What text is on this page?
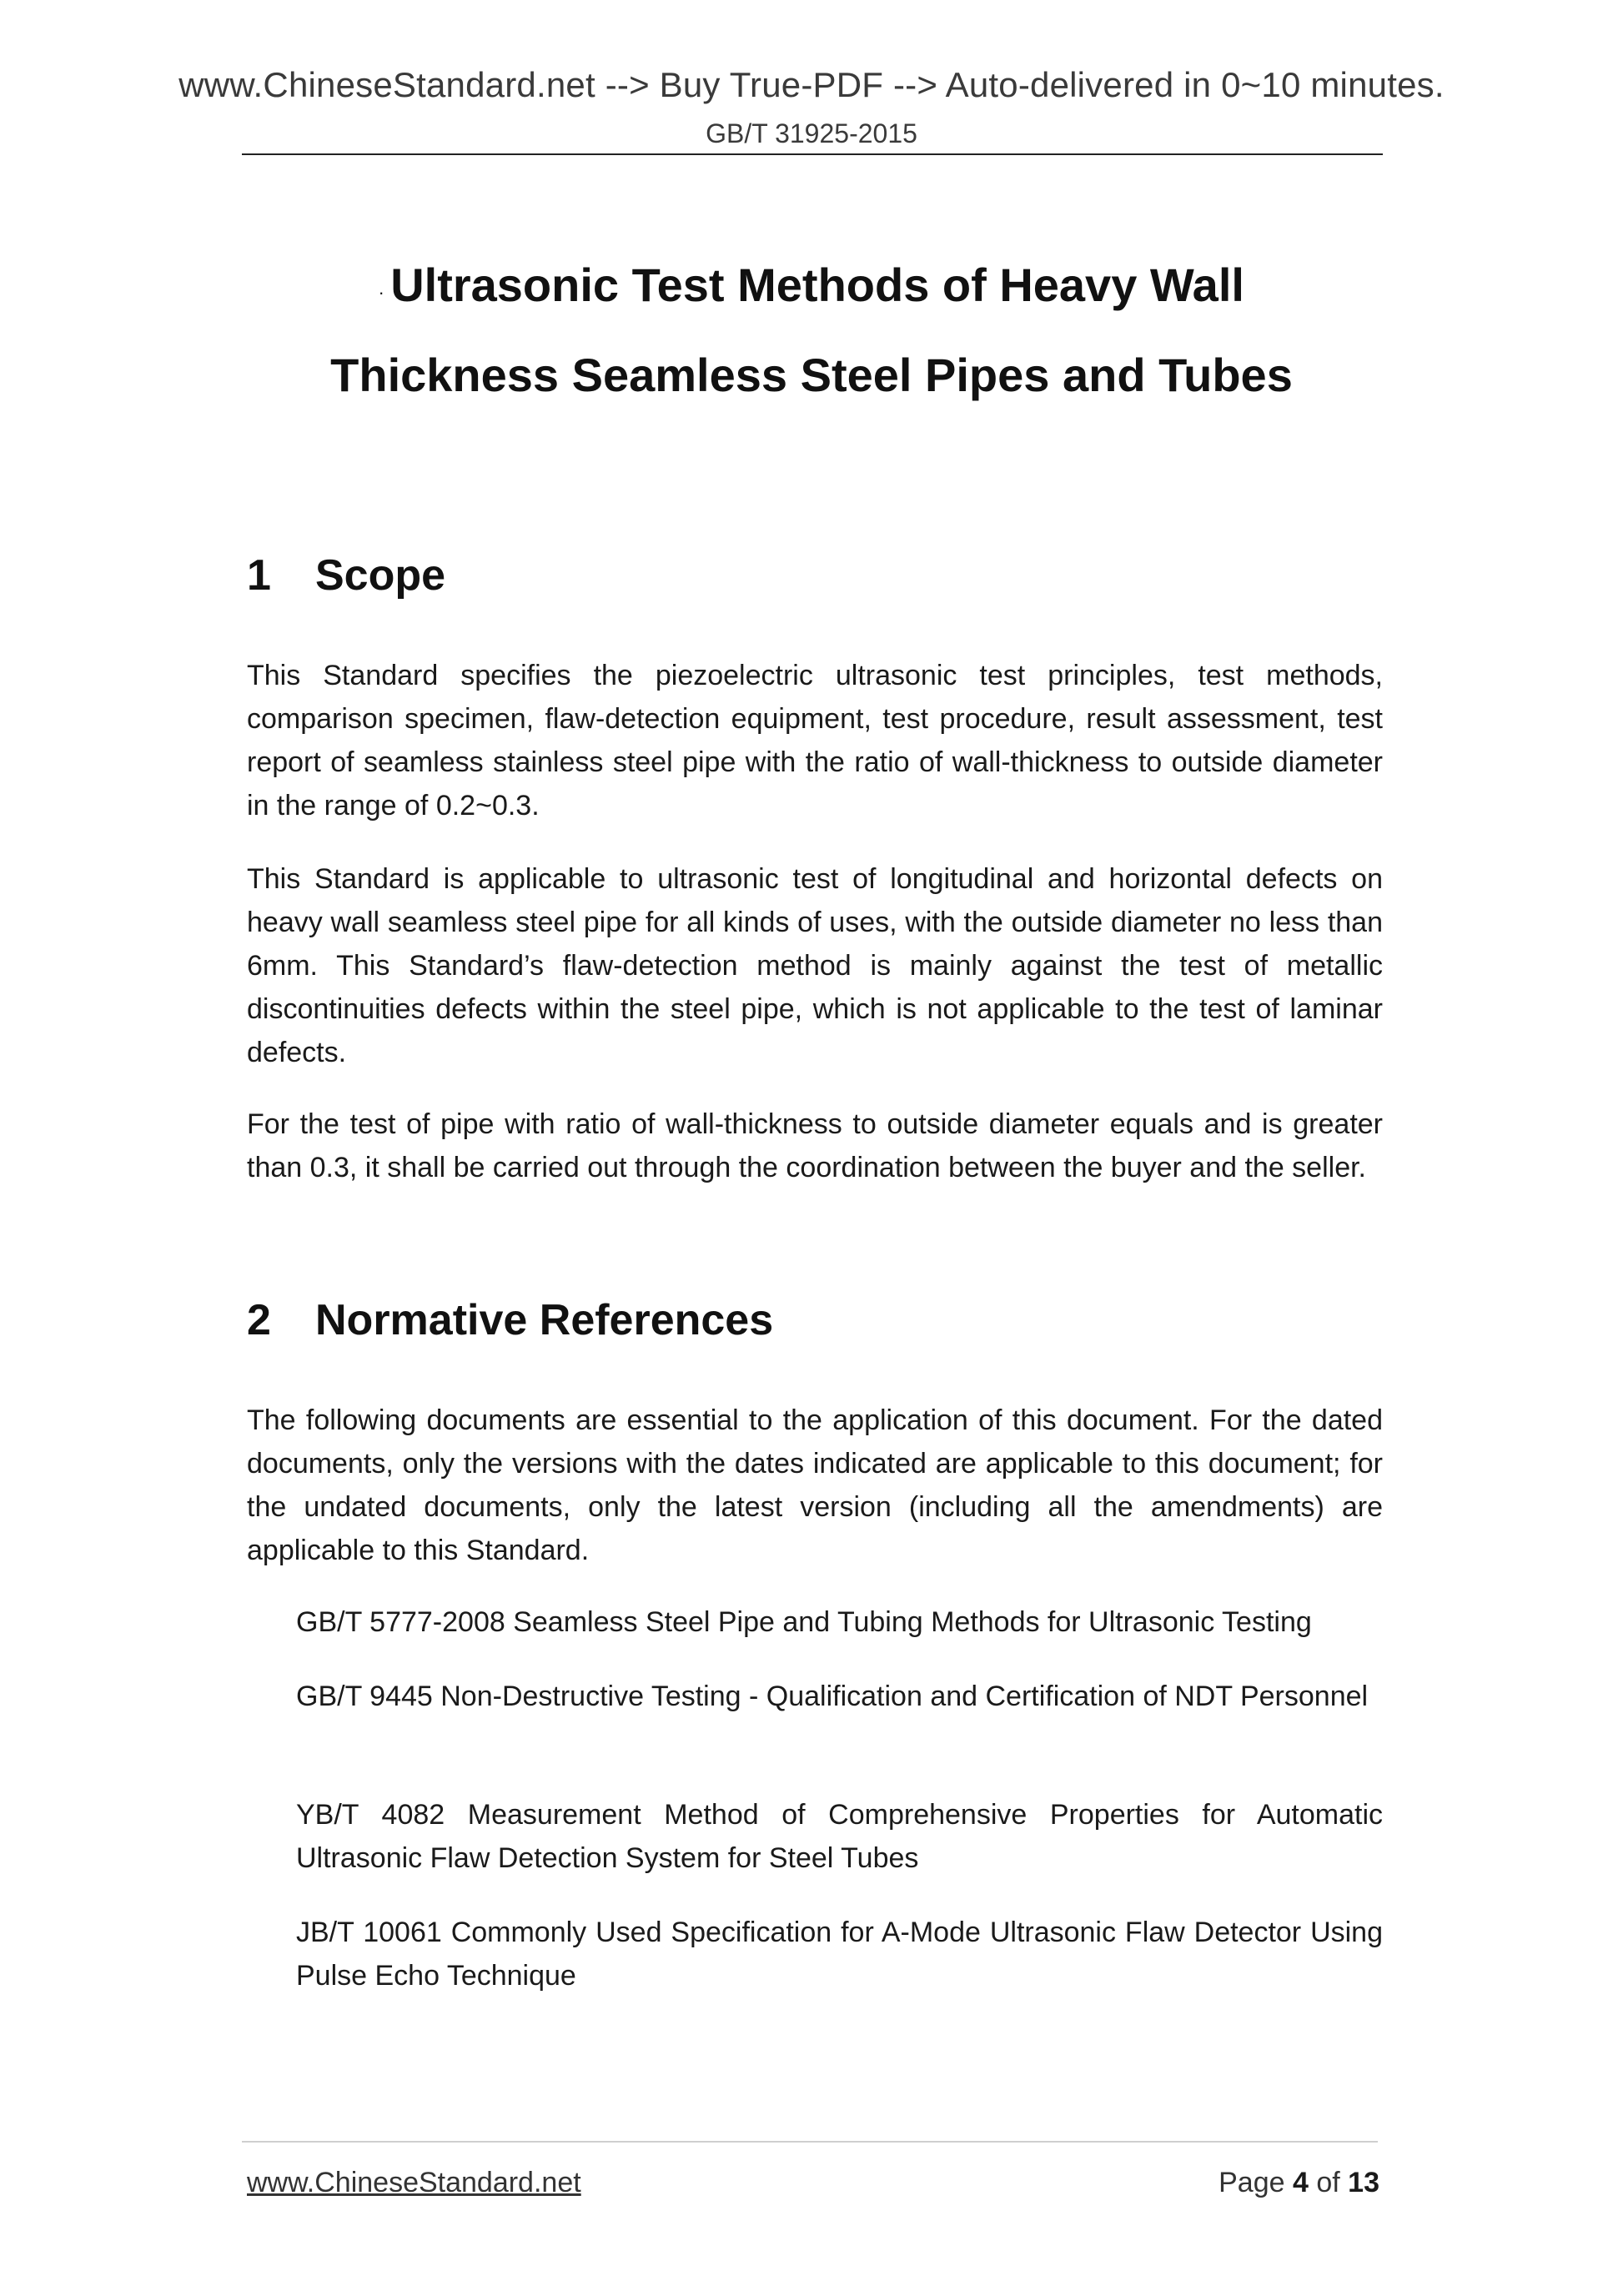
www.ChineseStandard.net --> Buy True-PDF --> Auto-delivered in 0~10 minutes.
GB/T 31925-2015
. Ultrasonic Test Methods of Heavy Wall
Thickness Seamless Steel Pipes and Tubes
1 Scope
This Standard specifies the piezoelectric ultrasonic test principles, test methods, comparison specimen, flaw-detection equipment, test procedure, result assessment, test report of seamless stainless steel pipe with the ratio of wall-thickness to outside diameter in the range of 0.2~0.3.
This Standard is applicable to ultrasonic test of longitudinal and horizontal defects on heavy wall seamless steel pipe for all kinds of uses, with the outside diameter no less than 6mm. This Standard’s flaw-detection method is mainly against the test of metallic discontinuities defects within the steel pipe, which is not applicable to the test of laminar defects.
For the test of pipe with ratio of wall-thickness to outside diameter equals and is greater than 0.3, it shall be carried out through the coordination between the buyer and the seller.
2 Normative References
The following documents are essential to the application of this document. For the dated documents, only the versions with the dates indicated are applicable to this document; for the undated documents, only the latest version (including all the amendments) are applicable to this Standard.
GB/T 5777-2008 Seamless Steel Pipe and Tubing Methods for Ultrasonic Testing
GB/T 9445 Non-Destructive Testing - Qualification and Certification of NDT Personnel
YB/T 4082 Measurement Method of Comprehensive Properties for Automatic Ultrasonic Flaw Detection System for Steel Tubes
JB/T 10061 Commonly Used Specification for A-Mode Ultrasonic Flaw Detector Using Pulse Echo Technique
www.ChineseStandard.net	Page 4 of 13
